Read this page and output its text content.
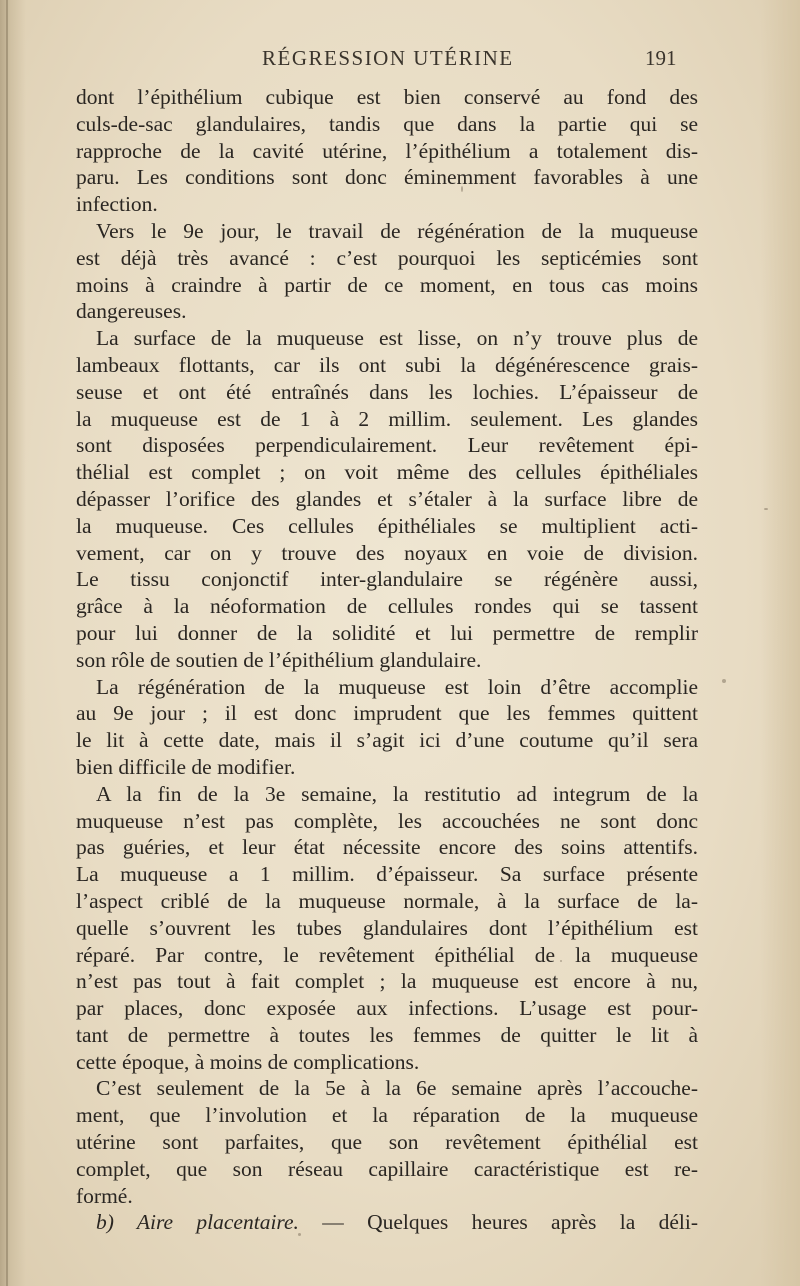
RÉGRESSION UTÉRINE	191
dont l’épithélium cubique est bien conservé au fond des
culs-de-sac glandulaires, tandis que dans la partie qui se
rapproche de la cavité utérine, l’épithélium a totalement dis-
paru. Les conditions sont donc éminemment favorables à une
infection.
Vers le 9e jour, le travail de régénération de la muqueuse
est déjà très avancé : c’est pourquoi les septicémies sont
moins à craindre à partir de ce moment, en tous cas moins
dangereuses.
La surface de la muqueuse est lisse, on n’y trouve plus de
lambeaux flottants, car ils ont subi la dégénérescence grais-
seuse et ont été entraînés dans les lochies. L’épaisseur de
la muqueuse est de 1 à 2 millim. seulement. Les glandes
sont disposées perpendiculairement. Leur revêtement épi-
thélial est complet ; on voit même des cellules épithéliales
dépasser l’orifice des glandes et s’étaler à la surface libre de
la muqueuse. Ces cellules épithéliales se multiplient acti-
vement, car on y trouve des noyaux en voie de division.
Le tissu conjonctif inter-glandulaire se régénère aussi,
grâce à la néoformation de cellules rondes qui se tassent
pour lui donner de la solidité et lui permettre de remplir
son rôle de soutien de l’épithélium glandulaire.
La régénération de la muqueuse est loin d’être accomplie
au 9e jour ; il est donc imprudent que les femmes quittent
le lit à cette date, mais il s’agit ici d’une coutume qu’il sera
bien difficile de modifier.
A la fin de la 3e semaine, la restitutio ad integrum de la
muqueuse n’est pas complète, les accouchées ne sont donc
pas guéries, et leur état nécessite encore des soins attentifs.
La muqueuse a 1 millim. d’épaisseur. Sa surface présente
l’aspect criblé de la muqueuse normale, à la surface de la-
quelle s’ouvrent les tubes glandulaires dont l’épithélium est
réparé. Par contre, le revêtement épithélial de la muqueuse
n’est pas tout à fait complet ; la muqueuse est encore à nu,
par places, donc exposée aux infections. L’usage est pour-
tant de permettre à toutes les femmes de quitter le lit à
cette époque, à moins de complications.
C’est seulement de la 5e à la 6e semaine après l’accouche-
ment, que l’involution et la réparation de la muqueuse
utérine sont parfaites, que son revêtement épithélial est
complet, que son réseau capillaire caractéristique est re-
formé.
b) Aire placentaire. — Quelques heures après la déli-
